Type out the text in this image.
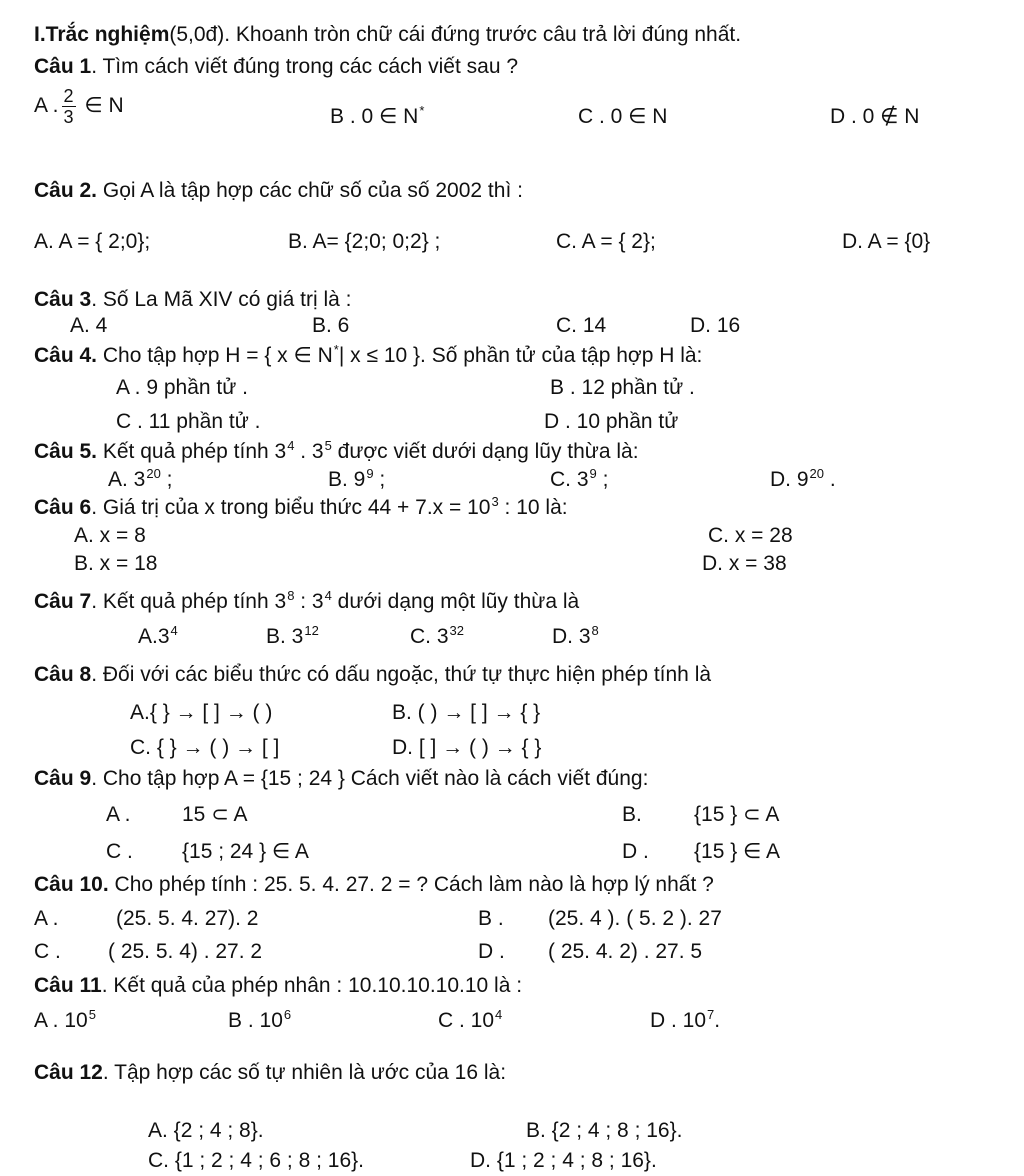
I.Trắc nghiệm(5,0đ). Khoanh tròn chữ cái đứng trước câu trả lời đúng nhất.
Câu 1. Tìm cách viết đúng trong các cách viết sau ?
A . $\frac{2}{3}$ ∈ N	B . 0 ∈ N*	C . 0 ∈ N	D . 0 ∉ N
Câu 2. Gọi A là tập hợp các chữ số của số 2002 thì :
A. A = { 2;0};	B. A= {2;0; 0;2} ;	C. A = { 2};	D. A = {0}
Câu 3. Số La Mã XIV có giá trị là :
A. 4	B. 6	C. 14	D. 16
Câu 4. Cho tập hợp H = { x ∈ N*| x ≤ 10 }. Số phần tử của tập hợp H là:
A . 9 phần tử .	B . 12 phần tử .
C . 11 phần tử .	D . 10 phần tử
Câu 5. Kết quả phép tính $3^4$ . $3^5$ được viết dưới dạng lũy thừa là:
A. $3^{20}$ ;	B. $9^9$ ;	C. $3^9$ ;	D. $9^{20}$ .
Câu 6. Giá trị của x trong biểu thức $44 + 7.x = 10^3$ : 10 là:
A. x = 8	C. x = 28
B. x = 18	D. x = 38
Câu 7. Kết quả phép tính $3^8$ : $3^4$ dưới dạng một lũy thừa là
$A.3^4$	B. $3^{12}$	C. $3^{32}$	D. $3^8$
Câu 8. Đối với các biểu thức có dấu ngoặc, thứ tự thực hiện phép tính là
A.{ } → [ ] → ( )	B. ( ) → [ ] → { }
C. { } → ( ) → [ ]	D. [ ] → ( ) → { }
Câu 9. Cho tập hợp A = {15 ; 24 } Cách viết nào là cách viết đúng:
A . 15 ⊂ A	B. {15 } ⊂ A
C . {15 ; 24 } ∈ A	D . {15 } ∈ A
Câu 10. Cho phép tính : 25. 5. 4. 27. 2 = ? Cách làm nào là hợp lý nhất ?
A .	(25. 5. 4. 27). 2	B . (25. 4 ). ( 5. 2 ). 27
C . ( 25. 5. 4) . 27. 2	D . ( 25. 4. 2) . 27. 5
Câu 11. Kết quả của phép nhân : 10.10.10.10.10 là :
A . $10^5$	B . $10^6$	C . $10^4$	D . $10^7$.
Câu 12. Tập hợp các số tự nhiên là ước của 16 là:
A. {2 ; 4 ; 8}.	B. {2 ; 4 ; 8 ; 16}.
C. {1 ; 2 ; 4 ; 6 ; 8 ; 16}.	D. {1 ; 2 ; 4 ; 8 ; 16}.
